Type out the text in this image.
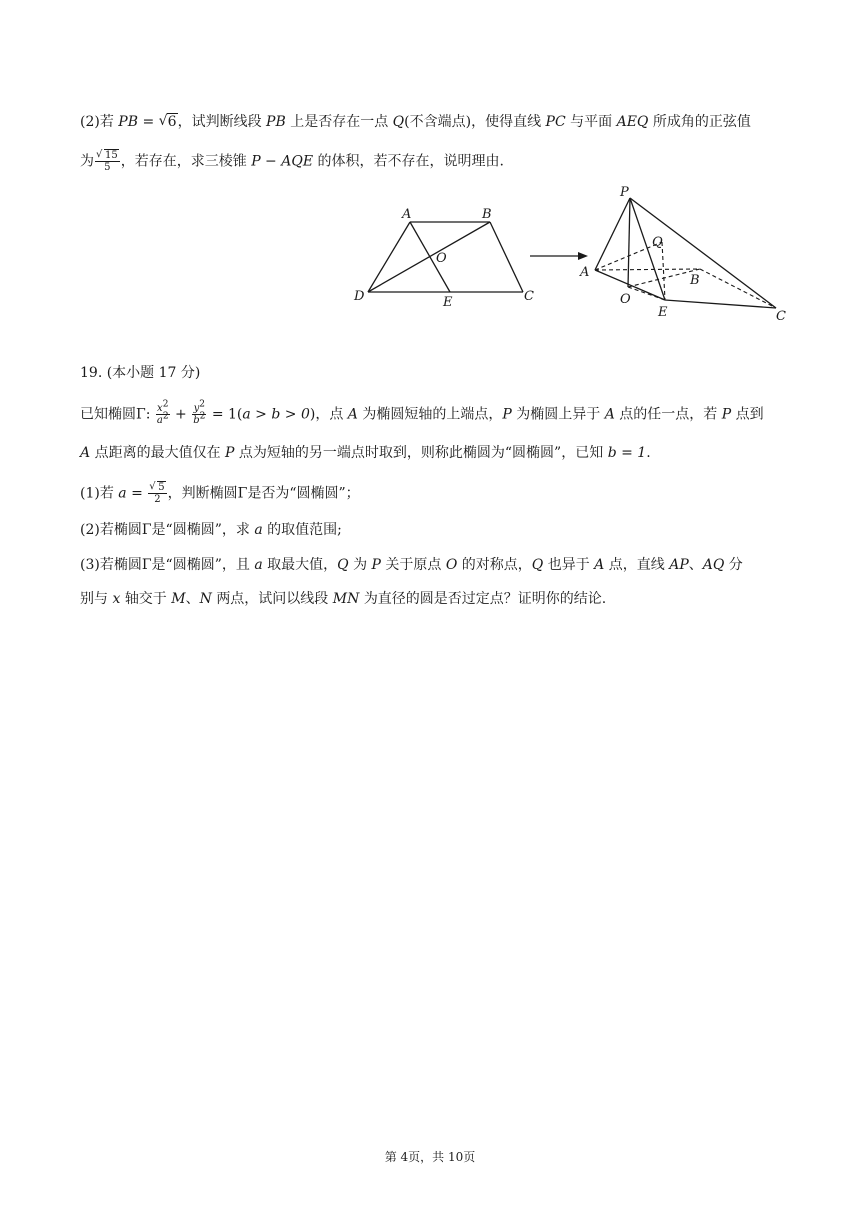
(2)若 PB = √ 6，试判断线段 PB 上是否存在一点 Q(不含端点)，使得直线 PC 与平面 AEQ 所成角的正弦值
为 $\frac{√ 15}{5}$ ，若存在，求三棱锥 P − AQE 的体积，若不存在，说明理由.
A	B
O
D	E	C
P
Q
A
B
O
E	C
19. (本小题 17 分)
已知椭圆Γ: $\frac{x^2}{a^2} + \frac{y^2}{b^2} = 1(a > b > 0)$，点 A 为椭圆短轴的上端点，P 为椭圆上异于 A 点的任一点，若 P 点到
A 点距离的最大值仅在 P 点为短轴的另一端点时取到，则称此椭圆为“圆椭圆”，已知 b = 1.
(1)若 $a = \frac{√ 5}{2}$ ，判断椭圆Γ是否为“圆椭圆”；
(2)若椭圆Γ是“圆椭圆”，求 a 的取值范围;
(3)若椭圆Γ是“圆椭圆”，且 a 取最大值，Q 为 P 关于原点 O 的对称点，Q 也异于 A 点，直线 AP、AQ 分
别与 x 轴交于 M、N 两点，试问以线段 MN 为直径的圆是否过定点？证明你的结论.
第 4页，共 10页
